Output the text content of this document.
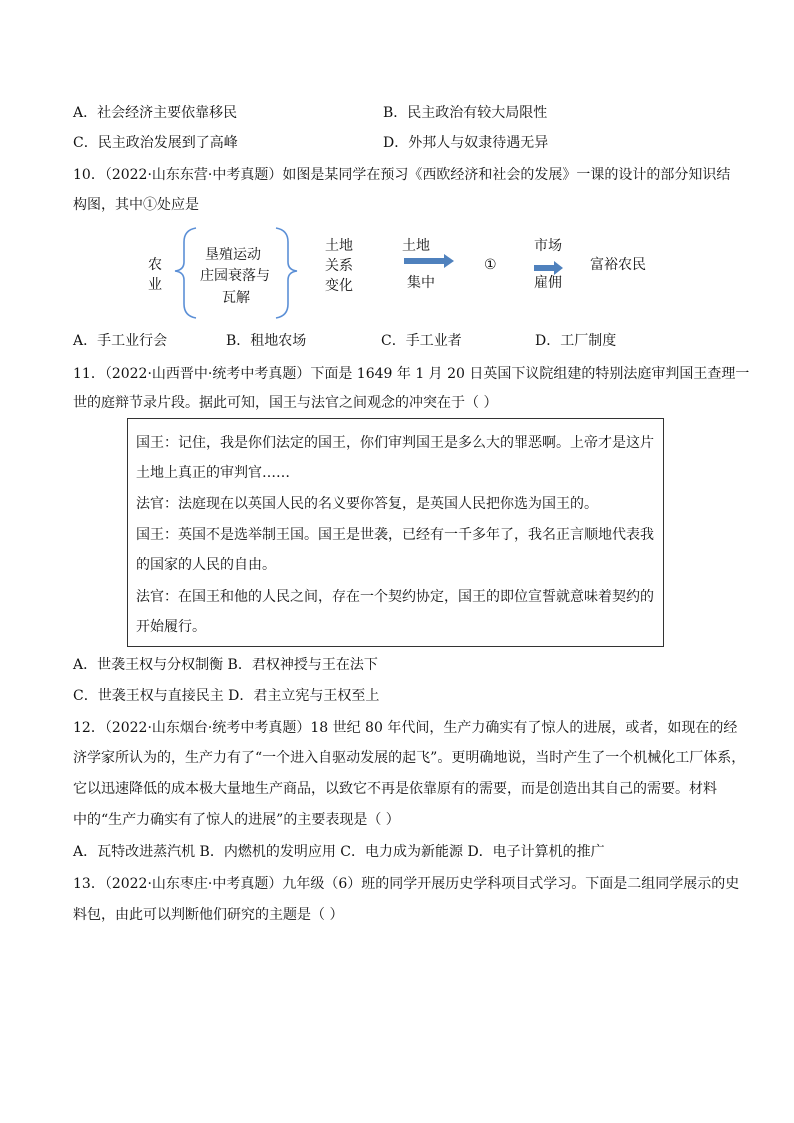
A．社会经济主要依靠移民	B．民主政治有较大局限性
C．民主政治发展到了高峰	D．外邦人与奴隶待遇无异
10．（2022·山东东营·中考真题）如图是某同学在预习《西欧经济和社会的发展》一课的设计的部分知识结
构图，其中①处应是
农
业
垦殖运动
庄园衰落与
瓦解
土地
关系
变化
土地
集中
①
市场
雇佣
富裕农民
A．手工业行会	B．租地农场	C．手工业者	D．工厂制度
11．（2022·山西晋中·统考中考真题）下面是 1649 年 1 月 20 日英国下议院组建的特别法庭审判国王查理一
世的庭辩节录片段。据此可知，国王与法官之间观念的冲突在于（ ）
国王：记住，我是你们法定的国王，你们审判国王是多么大的罪恶啊。上帝才是这片
土地上真正的审判官……
法官：法庭现在以英国人民的名义要你答复，是英国人民把你选为国王的。
国王：英国不是选举制王国。国王是世袭，已经有一千多年了，我名正言顺地代表我
的国家的人民的自由。
法官：在国王和他的人民之间，存在一个契约协定，国王的即位宣誓就意味着契约的
开始履行。
A．世袭王权与分权制衡 B．君权神授与王在法下
C．世袭王权与直接民主 D．君主立宪与王权至上
12．（2022·山东烟台·统考中考真题）18 世纪 80 年代间，生产力确实有了惊人的进展，或者，如现在的经
济学家所认为的，生产力有了“一个进入自驱动发展的起飞”。更明确地说，当时产生了一个机械化工厂体系，
它以迅速降低的成本极大量地生产商品，以致它不再是依靠原有的需要，而是创造出其自己的需要。材料
中的“生产力确实有了惊人的进展”的主要表现是（ ）
A．瓦特改进蒸汽机 B．内燃机的发明应用 C．电力成为新能源 D．电子计算机的推广
13．（2022·山东枣庄·中考真题）九年级（6）班的同学开展历史学科项目式学习。下面是二组同学展示的史
料包，由此可以判断他们研究的主题是（ ）
